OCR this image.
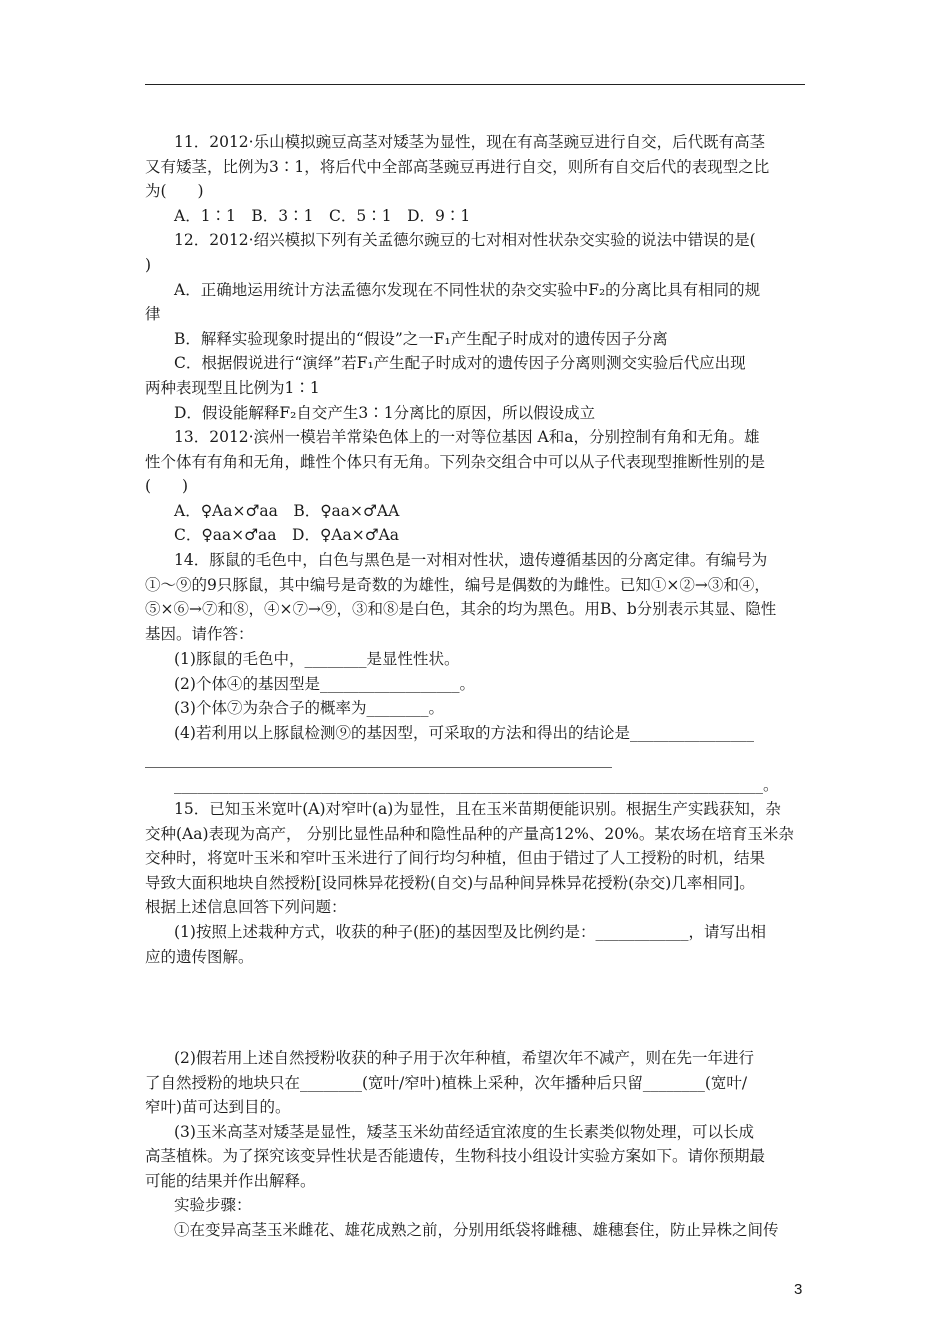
11．2012·乐山模拟豌豆高茎对矮茎为显性，现在有高茎豌豆进行自交，后代既有高茎
又有矮茎，比例为3∶1，将后代中全部高茎豌豆再进行自交，则所有自交后代的表现型之比
为(　　)
A．1∶1　B．3∶1　C．5∶1　D．9∶1
12．2012·绍兴模拟下列有关孟德尔豌豆的七对相对性状杂交实验的说法中错误的是(
)
A．正确地运用统计方法孟德尔发现在不同性状的杂交实验中F₂的分离比具有相同的规
律
B．解释实验现象时提出的“假设”之一F₁产生配子时成对的遗传因子分离
C．根据假说进行“演绎”若F₁产生配子时成对的遗传因子分离则测交实验后代应出现
两种表现型且比例为1∶1
D．假设能解释F₂自交产生3∶1分离比的原因，所以假设成立
13．2012·滨州一模岩羊常染色体上的一对等位基因 A和a，分别控制有角和无角。雄
性个体有有角和无角，雌性个体只有无角。下列杂交组合中可以从子代表现型推断性别的是
(　　)
A．♀Aa×♂aa　B．♀aa×♂AA
C．♀aa×♂aa　D．♀Aa×♂Aa
14．豚鼠的毛色中，白色与黑色是一对相对性状，遗传遵循基因的分离定律。有编号为
①～⑨的9只豚鼠，其中编号是奇数的为雄性，编号是偶数的为雌性。已知①×②→③和④，
⑤×⑥→⑦和⑧，④×⑦→⑨，③和⑧是白色，其余的均为黑色。用B、b分别表示其显、隐性
基因。请作答：
(1)豚鼠的毛色中，________是显性性状。
(2)个体④的基因型是__________________。
(3)个体⑦为杂合子的概率为________。
(4)若利用以上豚鼠检测⑨的基因型，可采取的方法和得出的结论是________________
____________________________________________________________________________。
15．已知玉米宽叶(A)对窄叶(a)为显性，且在玉米苗期便能识别。根据生产实践获知，杂
交种(Aa)表现为高产， 分别比显性品种和隐性品种的产量高12%、20%。某农场在培育玉米杂
交种时，将宽叶玉米和窄叶玉米进行了间行均匀种植，但由于错过了人工授粉的时机，结果
导致大面积地块自然授粉[设同株异花授粉(自交)与品种间异株异花授粉(杂交)几率相同]。
根据上述信息回答下列问题：
(1)按照上述栽种方式，收获的种子(胚)的基因型及比例约是：____________，请写出相
应的遗传图解。
(2)假若用上述自然授粉收获的种子用于次年种植，希望次年不减产，则在先一年进行
了自然授粉的地块只在________(宽叶/窄叶)植株上采种，次年播种后只留________(宽叶/
窄叶)苗可达到目的。
(3)玉米高茎对矮茎是显性，矮茎玉米幼苗经适宜浓度的生长素类似物处理，可以长成
高茎植株。为了探究该变异性状是否能遗传，生物科技小组设计实验方案如下。请你预期最
可能的结果并作出解释。
实验步骤：
①在变异高茎玉米雌花、雄花成熟之前，分别用纸袋将雌穗、雄穗套住，防止异株之间传
3
